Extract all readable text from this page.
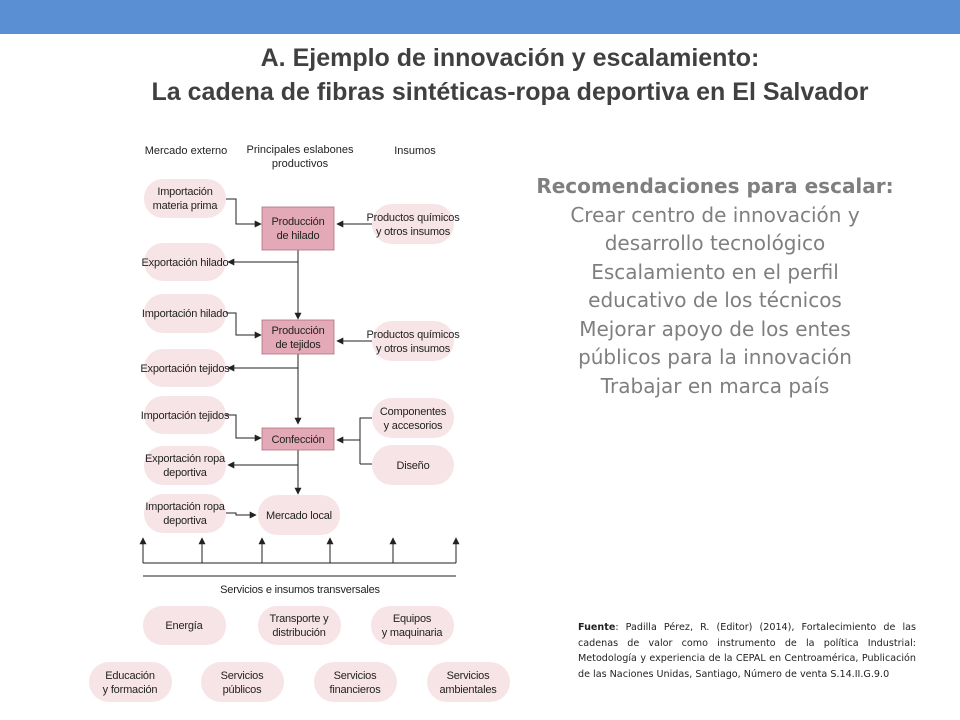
A. Ejemplo de innovación y escalamiento:
La cadena de fibras sintéticas-ropa deportiva en El Salvador
Mercado externo Principales eslabones
productivos
Insumos
Importación
materia prima
Exportación hilado
Importación hilado
Exportación tejidos
Importación tejidos
Exportación ropa
deportiva
Importación ropa
deportiva
Producción
de hilado
Producción
de tejidos
Confección
Mercado local
Productos químicos
y otros insumos
Productos químicos
y otros insumos
Componentes
y accesorios
Diseño
Servicios e insumos transversales
Energía
Transporte y
distribución
Equipos
y maquinaria
Educación
y formación
Servicios
públicos
Servicios
financieros
Servicios
ambientales
Recomendaciones para escalar:
Crear centro de innovación y
desarrollo tecnológico
Escalamiento en el perfil
educativo de los técnicos
Mejorar apoyo de los entes
públicos para la innovación
Trabajar en marca país
Fuente: Padilla Pérez, R. (Editor) (2014), Fortalecimiento de las cadenas de valor como instrumento de la política Industrial: Metodología y experiencia de la CEPAL en Centroamérica, Publicación de las Naciones Unidas, Santiago, Número de venta S.14.II.G.9.0
